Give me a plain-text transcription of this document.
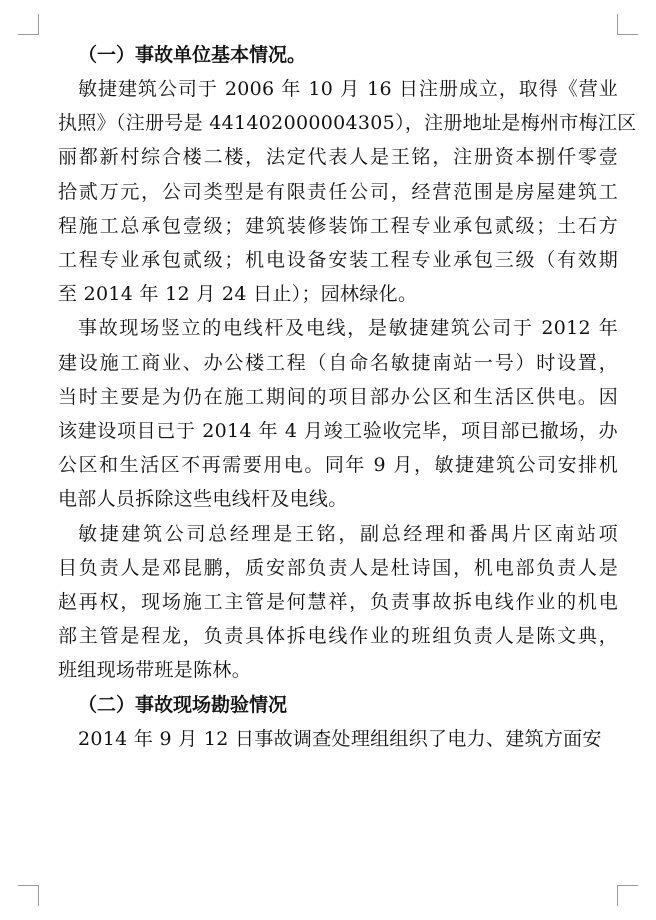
（一）事故单位基本情况。

敏捷建筑公司于 2006 年 10 月 16 日注册成立，取得《营业
执照》（注册号是 441402000004305），注册地址是梅州市梅江区
丽都新村综合楼二楼，法定代表人是王铭，注册资本捌仟零壹
拾贰万元，公司类型是有限责任公司，经营范围是房屋建筑工
程施工总承包壹级；建筑装修装饰工程专业承包贰级；土石方
工程专业承包贰级；机电设备安装工程专业承包三级（有效期
至 2014 年 12 月 24 日止）；园林绿化。

事故现场竖立的电线杆及电线，是敏捷建筑公司于 2012 年
建设施工商业、办公楼工程（自命名敏捷南站一号）时设置，
当时主要是为仍在施工期间的项目部办公区和生活区供电。因
该建设项目已于 2014 年 4 月竣工验收完毕，项目部已撤场，办
公区和生活区不再需要用电。同年 9 月，敏捷建筑公司安排机
电部人员拆除这些电线杆及电线。

敏捷建筑公司总经理是王铭，副总经理和番禺片区南站项
目负责人是邓昆鹏，质安部负责人是杜诗国，机电部负责人是
赵再权，现场施工主管是何慧祥，负责事故拆电线作业的机电
部主管是程龙，负责具体拆电线作业的班组负责人是陈文典，
班组现场带班是陈林。

（二）事故现场勘验情况

2014 年 9 月 12 日事故调查处理组组织了电力、建筑方面安
